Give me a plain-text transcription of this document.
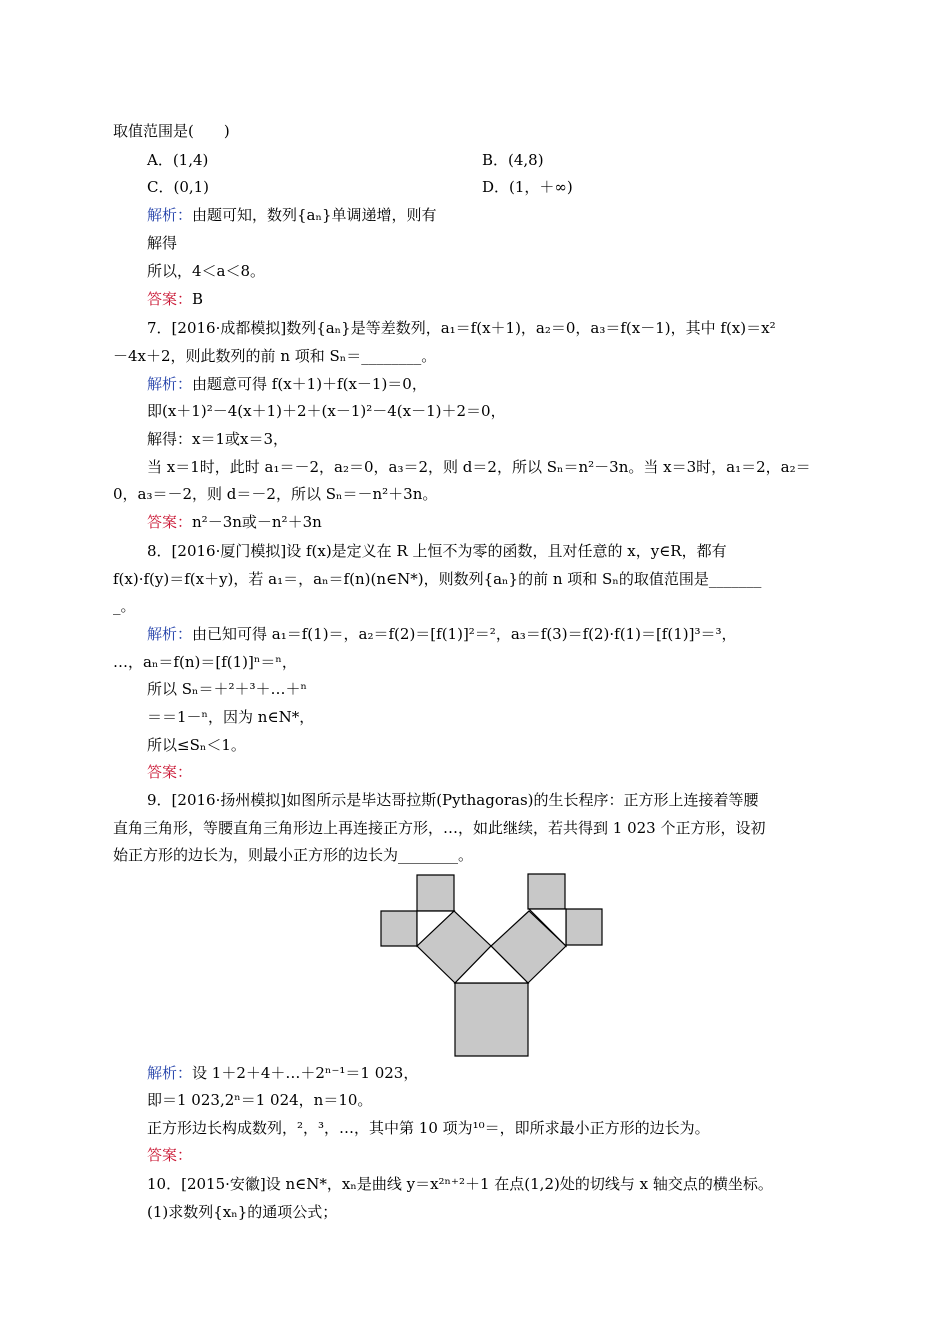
取值范围是(　　)
A．(1,4)	B．(4,8)
C．(0,1)	D．(1，＋∞)
解析：由题可知，数列{aₙ}单调递增，则有
解得
所以，4＜a＜8。
答案：B
7．[2016·成都模拟]数列{aₙ}是等差数列，a₁＝f(x＋1)，a₂＝0，a₃＝f(x－1)，其中 f(x)＝x²
－4x＋2，则此数列的前 n 项和 Sₙ＝________。
解析：由题意可得 f(x＋1)＋f(x－1)＝0，
即(x＋1)²－4(x＋1)＋2＋(x－1)²－4(x－1)＋2＝0，
解得：x＝1或x＝3，
当 x＝1时，此时 a₁＝－2，a₂＝0，a₃＝2，则 d＝2，所以 Sₙ＝n²－3n。当 x＝3时，a₁＝2，a₂＝
0，a₃＝－2，则 d＝－2，所以 Sₙ＝－n²＋3n。
答案：n²－3n或－n²＋3n
8．[2016·厦门模拟]设 f(x)是定义在 R 上恒不为零的函数，且对任意的 x，y∈R，都有
f(x)·f(y)＝f(x＋y)，若 a₁＝，aₙ＝f(n)(n∈N*)，则数列{aₙ}的前 n 项和 Sₙ的取值范围是_______
_。
解析：由已知可得 a₁＝f(1)＝，a₂＝f(2)＝[f(1)]²＝²，a₃＝f(3)＝f(2)·f(1)＝[f(1)]³＝³，
…，aₙ＝f(n)＝[f(1)]ⁿ＝ⁿ，
所以 Sₙ＝＋²＋³＋…＋ⁿ
＝＝1－ⁿ，因为 n∈N*，
所以≤Sₙ＜1。
答案：
9．[2016·扬州模拟]如图所示是毕达哥拉斯(Pythagoras)的生长程序：正方形上连接着等腰
直角三角形，等腰直角三角形边上再连接正方形，…，如此继续，若共得到 1 023 个正方形，设初
始正方形的边长为，则最小正方形的边长为________。
解析：设 1＋2＋4＋…＋2ⁿ⁻¹＝1 023，
即＝1 023,2ⁿ＝1 024，n＝10。
正方形边长构成数列，²，³，…，其中第 10 项为¹⁰＝，即所求最小正方形的边长为。
答案：
10．[2015·安徽]设 n∈N*，xₙ是曲线 y＝x²ⁿ⁺²＋1 在点(1,2)处的切线与 x 轴交点的横坐标。
(1)求数列{xₙ}的通项公式；
